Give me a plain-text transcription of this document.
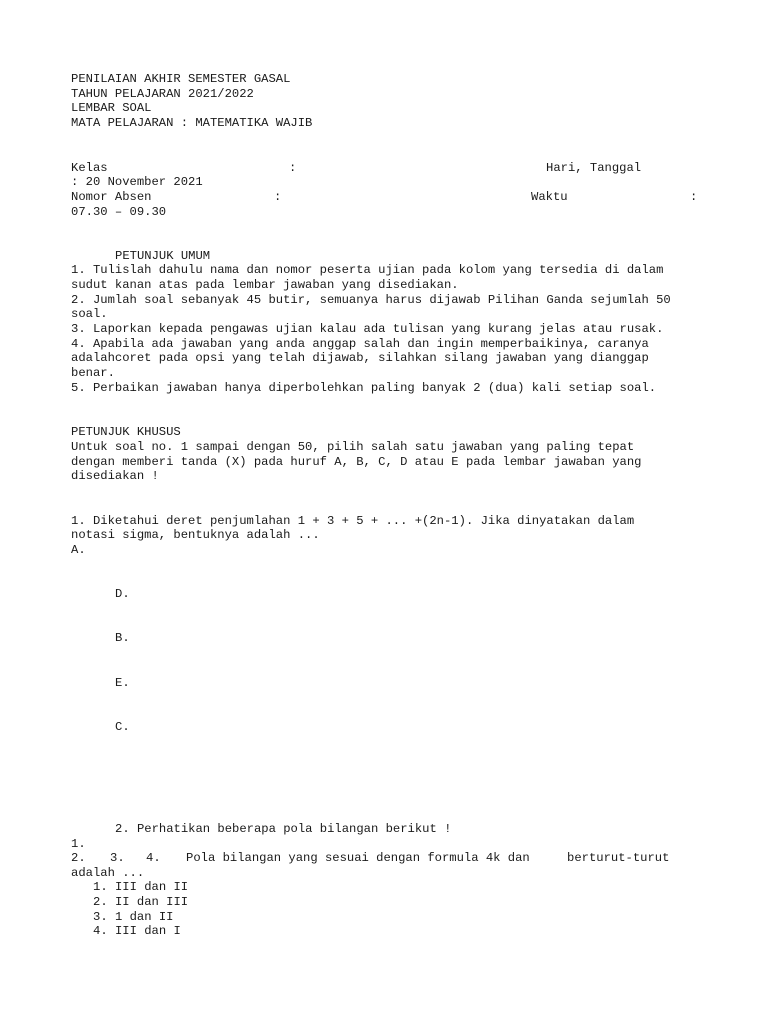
PENILAIAN AKHIR SEMESTER GASAL
TAHUN PELAJARAN 2021/2022
LEMBAR SOAL
MATA PELAJARAN : MATEMATIKA WAJIB
Kelas	:	Hari, Tanggal
: 20 November 2021
Nomor Absen	:	Waktu	:
07.30 – 09.30
PETUNJUK UMUM
1. Tulislah dahulu nama dan nomor peserta ujian pada kolom yang tersedia di dalam
sudut kanan atas pada lembar jawaban yang disediakan.
2. Jumlah soal sebanyak 45 butir, semuanya harus dijawab Pilihan Ganda sejumlah 50
soal.
3. Laporkan kepada pengawas ujian kalau ada tulisan yang kurang jelas atau rusak.
4. Apabila ada jawaban yang anda anggap salah dan ingin memperbaikinya, caranya
adalahcoret pada opsi yang telah dijawab, silahkan silang jawaban yang dianggap
benar.
5. Perbaikan jawaban hanya diperbolehkan paling banyak 2 (dua) kali setiap soal.
PETUNJUK KHUSUS
Untuk soal no. 1 sampai dengan 50, pilih salah satu jawaban yang paling tepat
dengan memberi tanda (X) pada huruf A, B, C, D atau E pada lembar jawaban yang
disediakan !
1. Diketahui deret penjumlahan 1 + 3 + 5 + ... +(2n-1). Jika dinyatakan dalam
notasi sigma, bentuknya adalah ...
A.
D.
B.
E.
C.
2. Perhatikan beberapa pola bilangan berikut !
1.
2. 3. 4. Pola bilangan yang sesuai dengan formula 4k dan	berturut-turut
adalah ...
1. III dan II
2. II dan III
3. 1 dan II
4. III dan I
